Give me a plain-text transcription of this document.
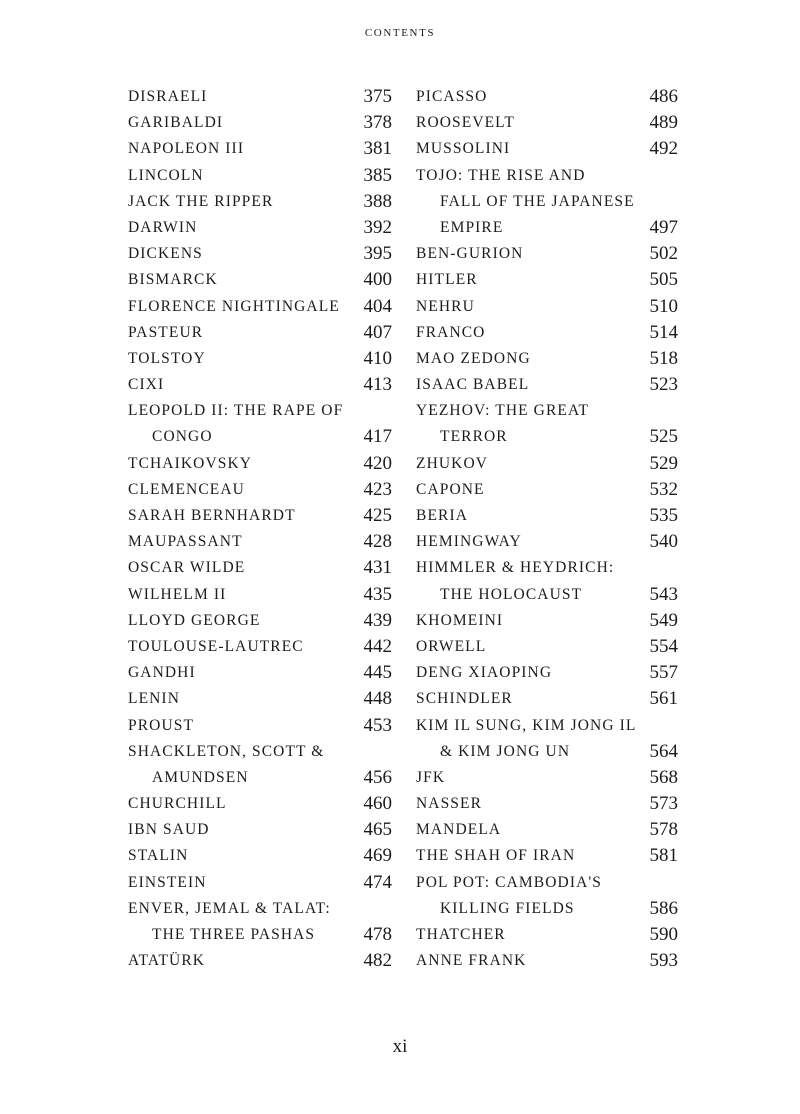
contents
DISRAELI	375
GARIBALDI	378
NAPOLEON III	381
LINCOLN	385
JACK THE RIPPER	388
DARWIN	392
DICKENS	395
BISMARCK	400
FLORENCE NIGHTINGALE 404
PASTEUR	407
TOLSTOY	410
CIXI	413
LEOPOLD II: THE RAPE OF
CONGO	417
TCHAIKOVSKY	420
CLEMENCEAU	423
SARAH BERNHARDT	425
MAUPASSANT	428
OSCAR WILDE	431
WILHELM II	435
LLOYD GEORGE	439
TOULOUSE-LAUTREC	442
GANDHI	445
LENIN	448
PROUST	453
SHACKLETON, SCOTT &
AMUNDSEN	456
CHURCHILL	460
IBN SAUD	465
STALIN	469
EINSTEIN	474
ENVER, JEMAL & TALAT:
THE THREE PASHAS	478
ATATÜRK	482
PICASSO	486
ROOSEVELT	489
MUSSOLINI	492
TOJO: THE RISE AND
FALL OF THE JAPANESE
EMPIRE	497
BEN-GURION	502
HITLER	505
NEHRU	510
FRANCO	514
MAO ZEDONG	518
ISAAC BABEL	523
YEZHOV: THE GREAT
TERROR	525
ZHUKOV	529
CAPONE	532
BERIA	535
HEMINGWAY	540
HIMMLER & HEYDRICH:
THE HOLOCAUST	543
KHOMEINI	549
ORWELL	554
DENG XIAOPING	557
SCHINDLER	561
KIM IL SUNG, KIM JONG IL
& KIM JONG UN	564
JFK	568
NASSER	573
MANDELA	578
THE SHAH OF IRAN	581
POL POT: CAMBODIA'S
KILLING FIELDS	586
THATCHER	590
ANNE FRANK	593
xi
